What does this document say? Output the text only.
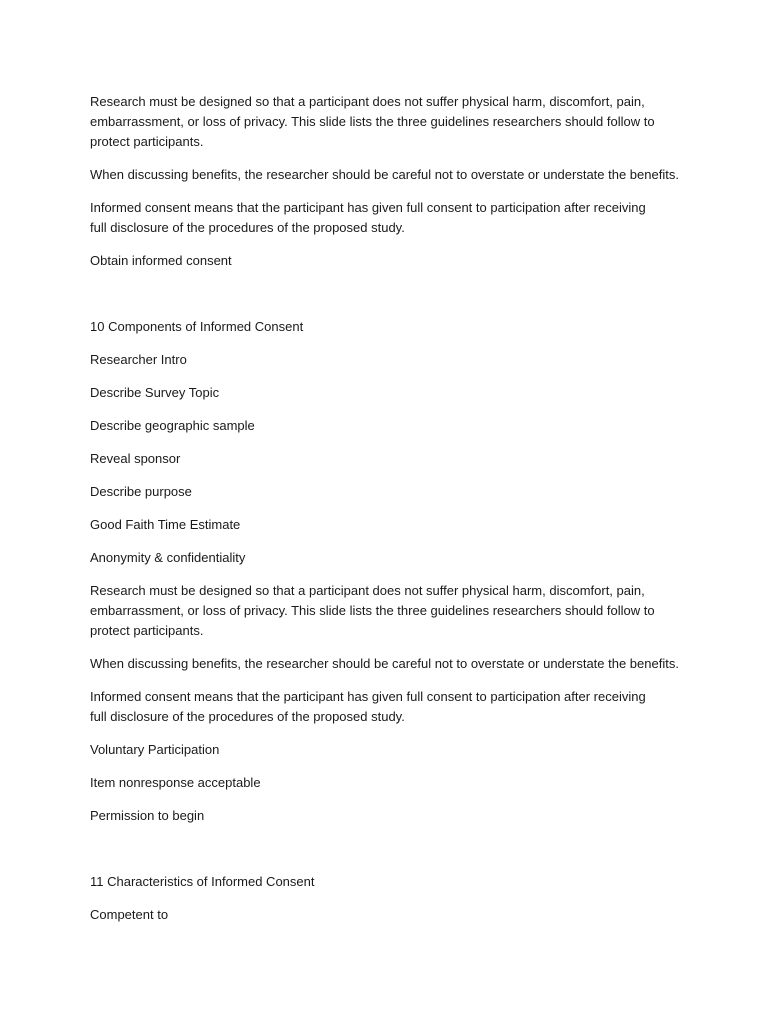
Research must be designed so that a participant does not suffer physical harm, discomfort, pain, embarrassment, or loss of privacy. This slide lists the three guidelines researchers should follow to protect participants.

When discussing benefits, the researcher should be careful not to overstate or understate the benefits.

Informed consent means that the participant has given full consent to participation after receiving full disclosure of the procedures of the proposed study.

Obtain informed consent

10 Components of Informed Consent

Researcher Intro

Describe Survey Topic

Describe geographic sample

Reveal sponsor

Describe purpose

Good Faith Time Estimate

Anonymity & confidentiality

Research must be designed so that a participant does not suffer physical harm, discomfort, pain, embarrassment, or loss of privacy. This slide lists the three guidelines researchers should follow to protect participants.

When discussing benefits, the researcher should be careful not to overstate or understate the benefits.

Informed consent means that the participant has given full consent to participation after receiving full disclosure of the procedures of the proposed study.

Voluntary Participation

Item nonresponse acceptable

Permission to begin

11 Characteristics of Informed Consent

Competent to
